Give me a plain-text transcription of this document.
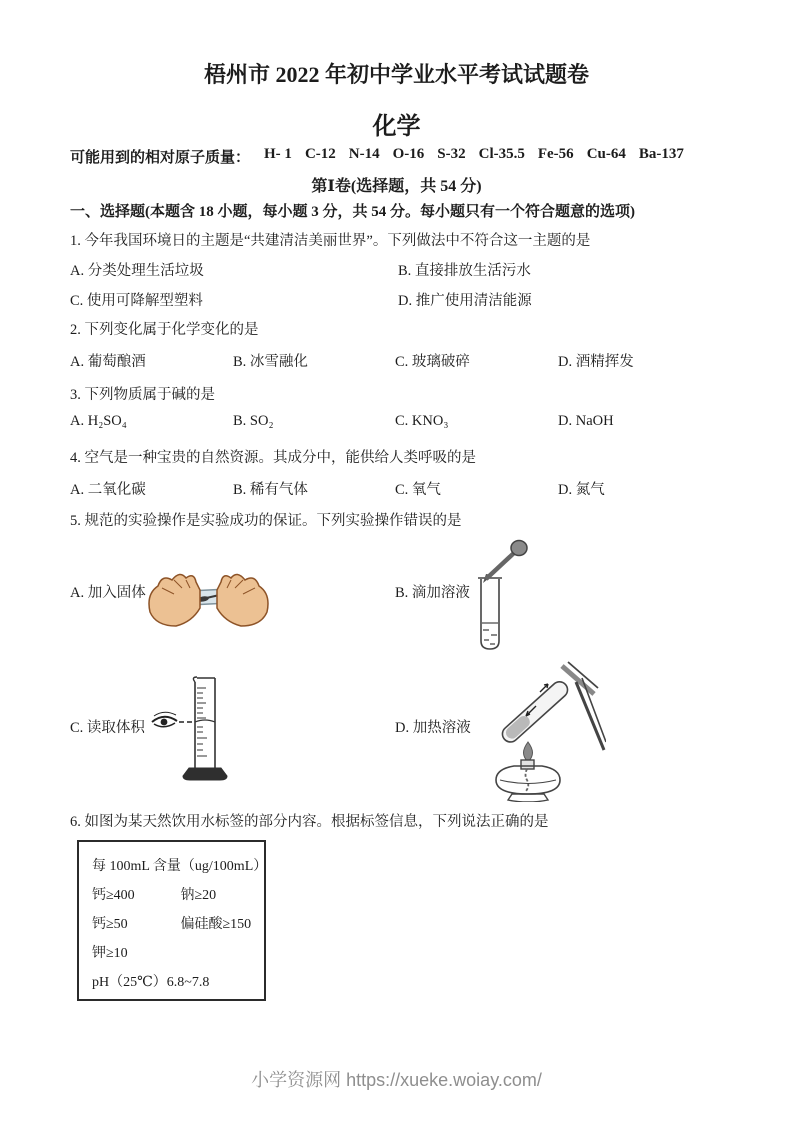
梧州市 2022 年初中学业水平考试试题卷
化学
可能用到的相对原子质量： H- 1 C-12 N-14 O-16 S-32 Cl-35.5 Fe-56 Cu-64 Ba-137
第Ⅰ卷(选择题，共 54 分)
一、选择题(本题含 18 小题，每小题 3 分，共 54 分。每小题只有一个符合题意的选项)
1. 今年我国环境日的主题是“共建清洁美丽世界”。下列做法中不符合这一主题的是
A. 分类处理生活垃圾	B. 直接排放生活污水
C. 使用可降解型塑料	D. 推广使用清洁能源
2. 下列变化属于化学变化的是
A. 葡萄酿酒	B. 冰雪融化	C. 玻璃破碎	D. 酒精挥发
3. 下列物质属于碱的是
A. H₂SO₄	B. SO₂	C. KNO₃	D. NaOH
4. 空气是一种宝贵的自然资源。其成分中，能供给人类呼吸的是
A. 二氧化碳	B. 稀有气体	C. 氧气	D. 氮气
5. 规范的实验操作是实验成功的保证。下列实验操作错误的是
A. 加入固体	B. 滴加溶液
C. 读取体积	D. 加热溶液
6. 如图为某天然饮用水标签的部分内容。根据标签信息，下列说法正确的是
每 100mL 含量（ug/100mL）
钙≥400	钠≥20
钙≥50	偏硅酸≥150
钾≥10
pH（25℃）6.8~7.8
小学资源网 https://xueke.woiay.com/
